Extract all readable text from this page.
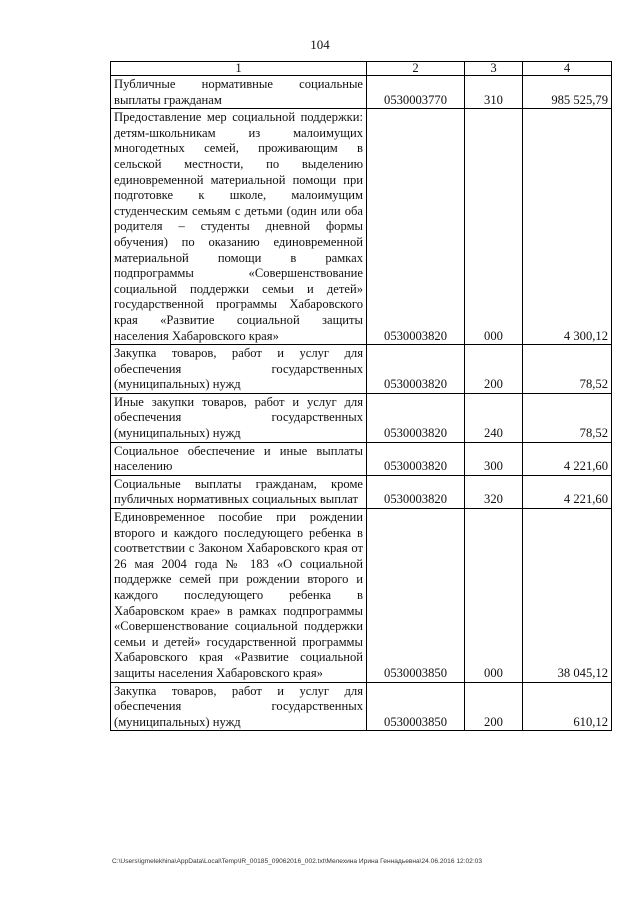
104
1	2	3	4
Публичные нормативные социальные выплаты гражданам	0530003770	310	985 525,79
Предоставление мер социальной поддержки: детям-школьникам из малоимущих многодетных семей, проживающим в сельской местности, по выделению единовременной материальной помощи при подготовке к школе, малоимущим студенческим семьям с детьми (один или оба родителя – студенты дневной формы обучения) по оказанию единовременной материальной помощи в рамках подпрограммы «Совершенствование социальной поддержки семьи и детей» государственной программы Хабаровского края «Развитие социальной защиты населения Хабаровского края»	0530003820	000	4 300,12
Закупка товаров, работ и услуг для обеспечения государственных (муниципальных) нужд	0530003820	200	78,52
Иные закупки товаров, работ и услуг для обеспечения государственных (муниципальных) нужд	0530003820	240	78,52
Социальное обеспечение и иные выплаты населению	0530003820	300	4 221,60
Социальные выплаты гражданам, кроме публичных нормативных социальных выплат	0530003820	320	4 221,60
Единовременное пособие при рождении второго и каждого последующего ребенка в соответствии с Законом Хабаровского края от 26 мая 2004 года № 183 «О социальной поддержке семей при рождении второго и каждого последующего ребенка в Хабаровском крае» в рамках подпрограммы «Совершенствование социальной поддержки семьи и детей» государственной программы Хабаровского края «Развитие социальной защиты населения Хабаровского края»	0530003850	000	38 045,12
Закупка товаров, работ и услуг для обеспечения государственных (муниципальных) нужд	0530003850	200	610,12
C:\Users\igmelekhina\AppData\Local\Temp\IR_00185_09062016_002.txt\Мелехина Ирина Геннадьевна\24.06.2016 12:02:03
